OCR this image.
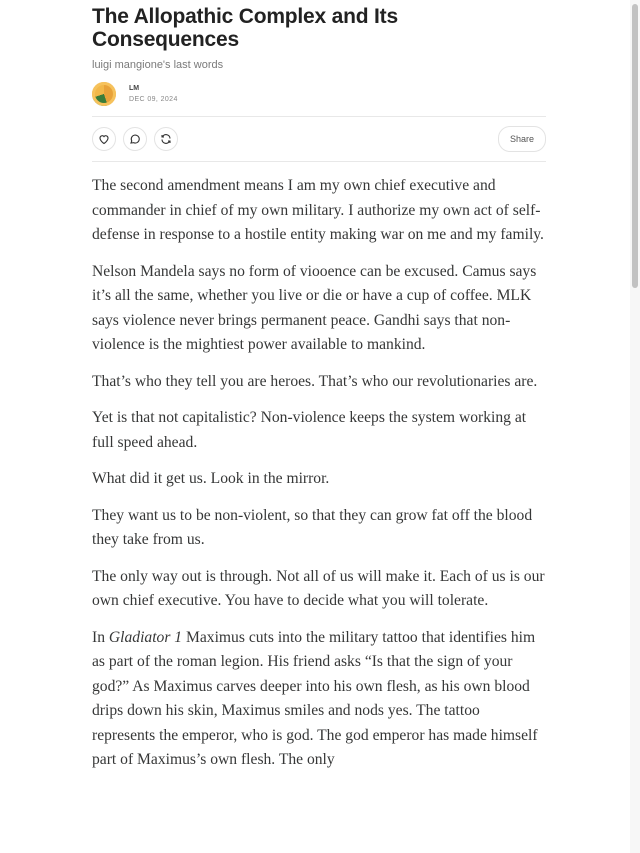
The Allopathic Complex and Its Consequences
luigi mangione's last words
LM
DEC 09, 2024
Share

The second amendment means I am my own chief executive and commander in chief of my own military. I authorize my own act of self-defense in response to a hostile entity making war on me and my family.

Nelson Mandela says no form of viooence can be excused. Camus says it’s all the same, whether you live or die or have a cup of coffee. MLK says violence never brings permanent peace. Gandhi says that non-violence is the mightiest power available to mankind.

That’s who they tell you are heroes. That’s who our revolutionaries are.

Yet is that not capitalistic? Non-violence keeps the system working at full speed ahead.

What did it get us. Look in the mirror.

They want us to be non-violent, so that they can grow fat off the blood they take from us.

The only way out is through. Not all of us will make it. Each of us is our own chief executive. You have to decide what you will tolerate.

In Gladiator 1 Maximus cuts into the military tattoo that identifies him as part of the roman legion. His friend asks “Is that the sign of your god?” As Maximus carves deeper into his own flesh, as his own blood drips down his skin, Maximus smiles and nods yes. The tattoo represents the emperor, who is god. The god emperor has made himself part of Maximus’s own flesh. The only
